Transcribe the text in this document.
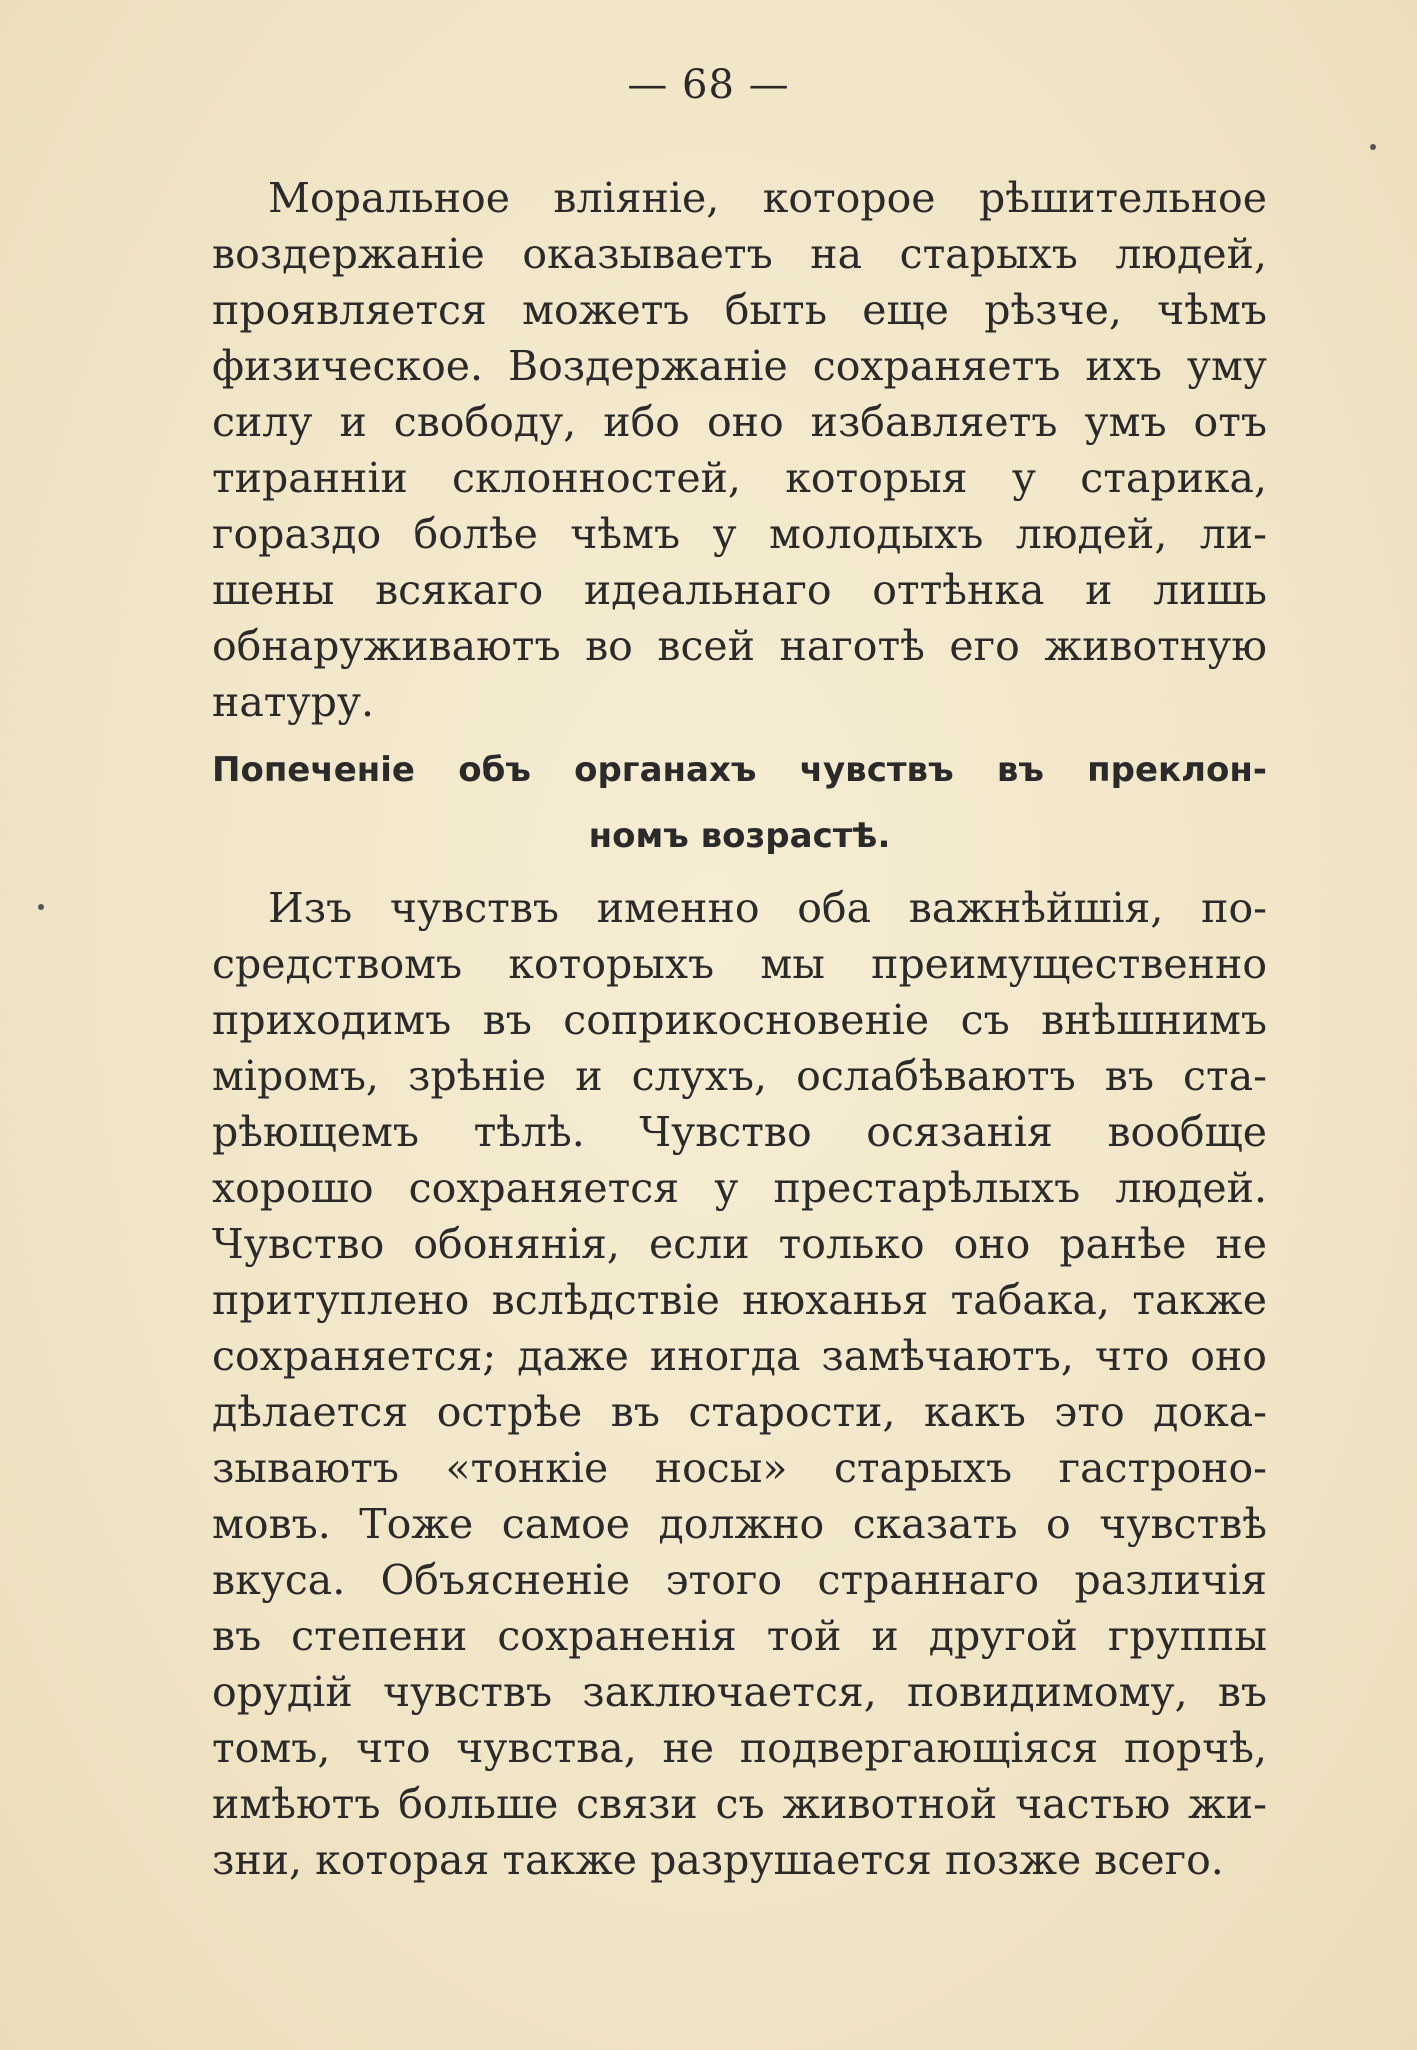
— 68 —
Моральное вліяніе, которое рѣшительное
воздержаніе оказываетъ на старыхъ людей,
проявляется можетъ быть еще рѣзче, чѣмъ
физическое. Воздержаніе сохраняетъ ихъ уму
силу и свободу, ибо оно избавляетъ умъ отъ
тиранніи склонностей, которыя у старика,
гораздо болѣе чѣмъ у молодыхъ людей, ли-
шены всякаго идеальнаго оттѣнка и лишь
обнаруживаютъ во всей наготѣ его животную
натуру.
Попеченіе объ органахъ чувствъ въ преклон-
номъ возрастѣ.
Изъ чувствъ именно оба важнѣйшія, по-
средствомъ которыхъ мы преимущественно
приходимъ въ соприкосновеніе съ внѣшнимъ
міромъ, зрѣніе и слухъ, ослабѣваютъ въ ста-
рѣющемъ тѣлѣ. Чувство осязанія вообще
хорошо сохраняется у престарѣлыхъ людей.
Чувство обонянія, если только оно ранѣе не
притуплено вслѣдствіе нюханья табака, также
сохраняется; даже иногда замѣчаютъ, что оно
дѣлается острѣе въ старости, какъ это дока-
зываютъ «тонкіе носы» старыхъ гастроно-
мовъ. Тоже самое должно сказать о чувствѣ
вкуса. Объясненіе этого страннаго различія
въ степени сохраненія той и другой группы
орудій чувствъ заключается, повидимому, въ
томъ, что чувства, не подвергающіяся порчѣ,
имѣютъ больше связи съ животной частью жи-
зни, которая также разрушается позже всего.
